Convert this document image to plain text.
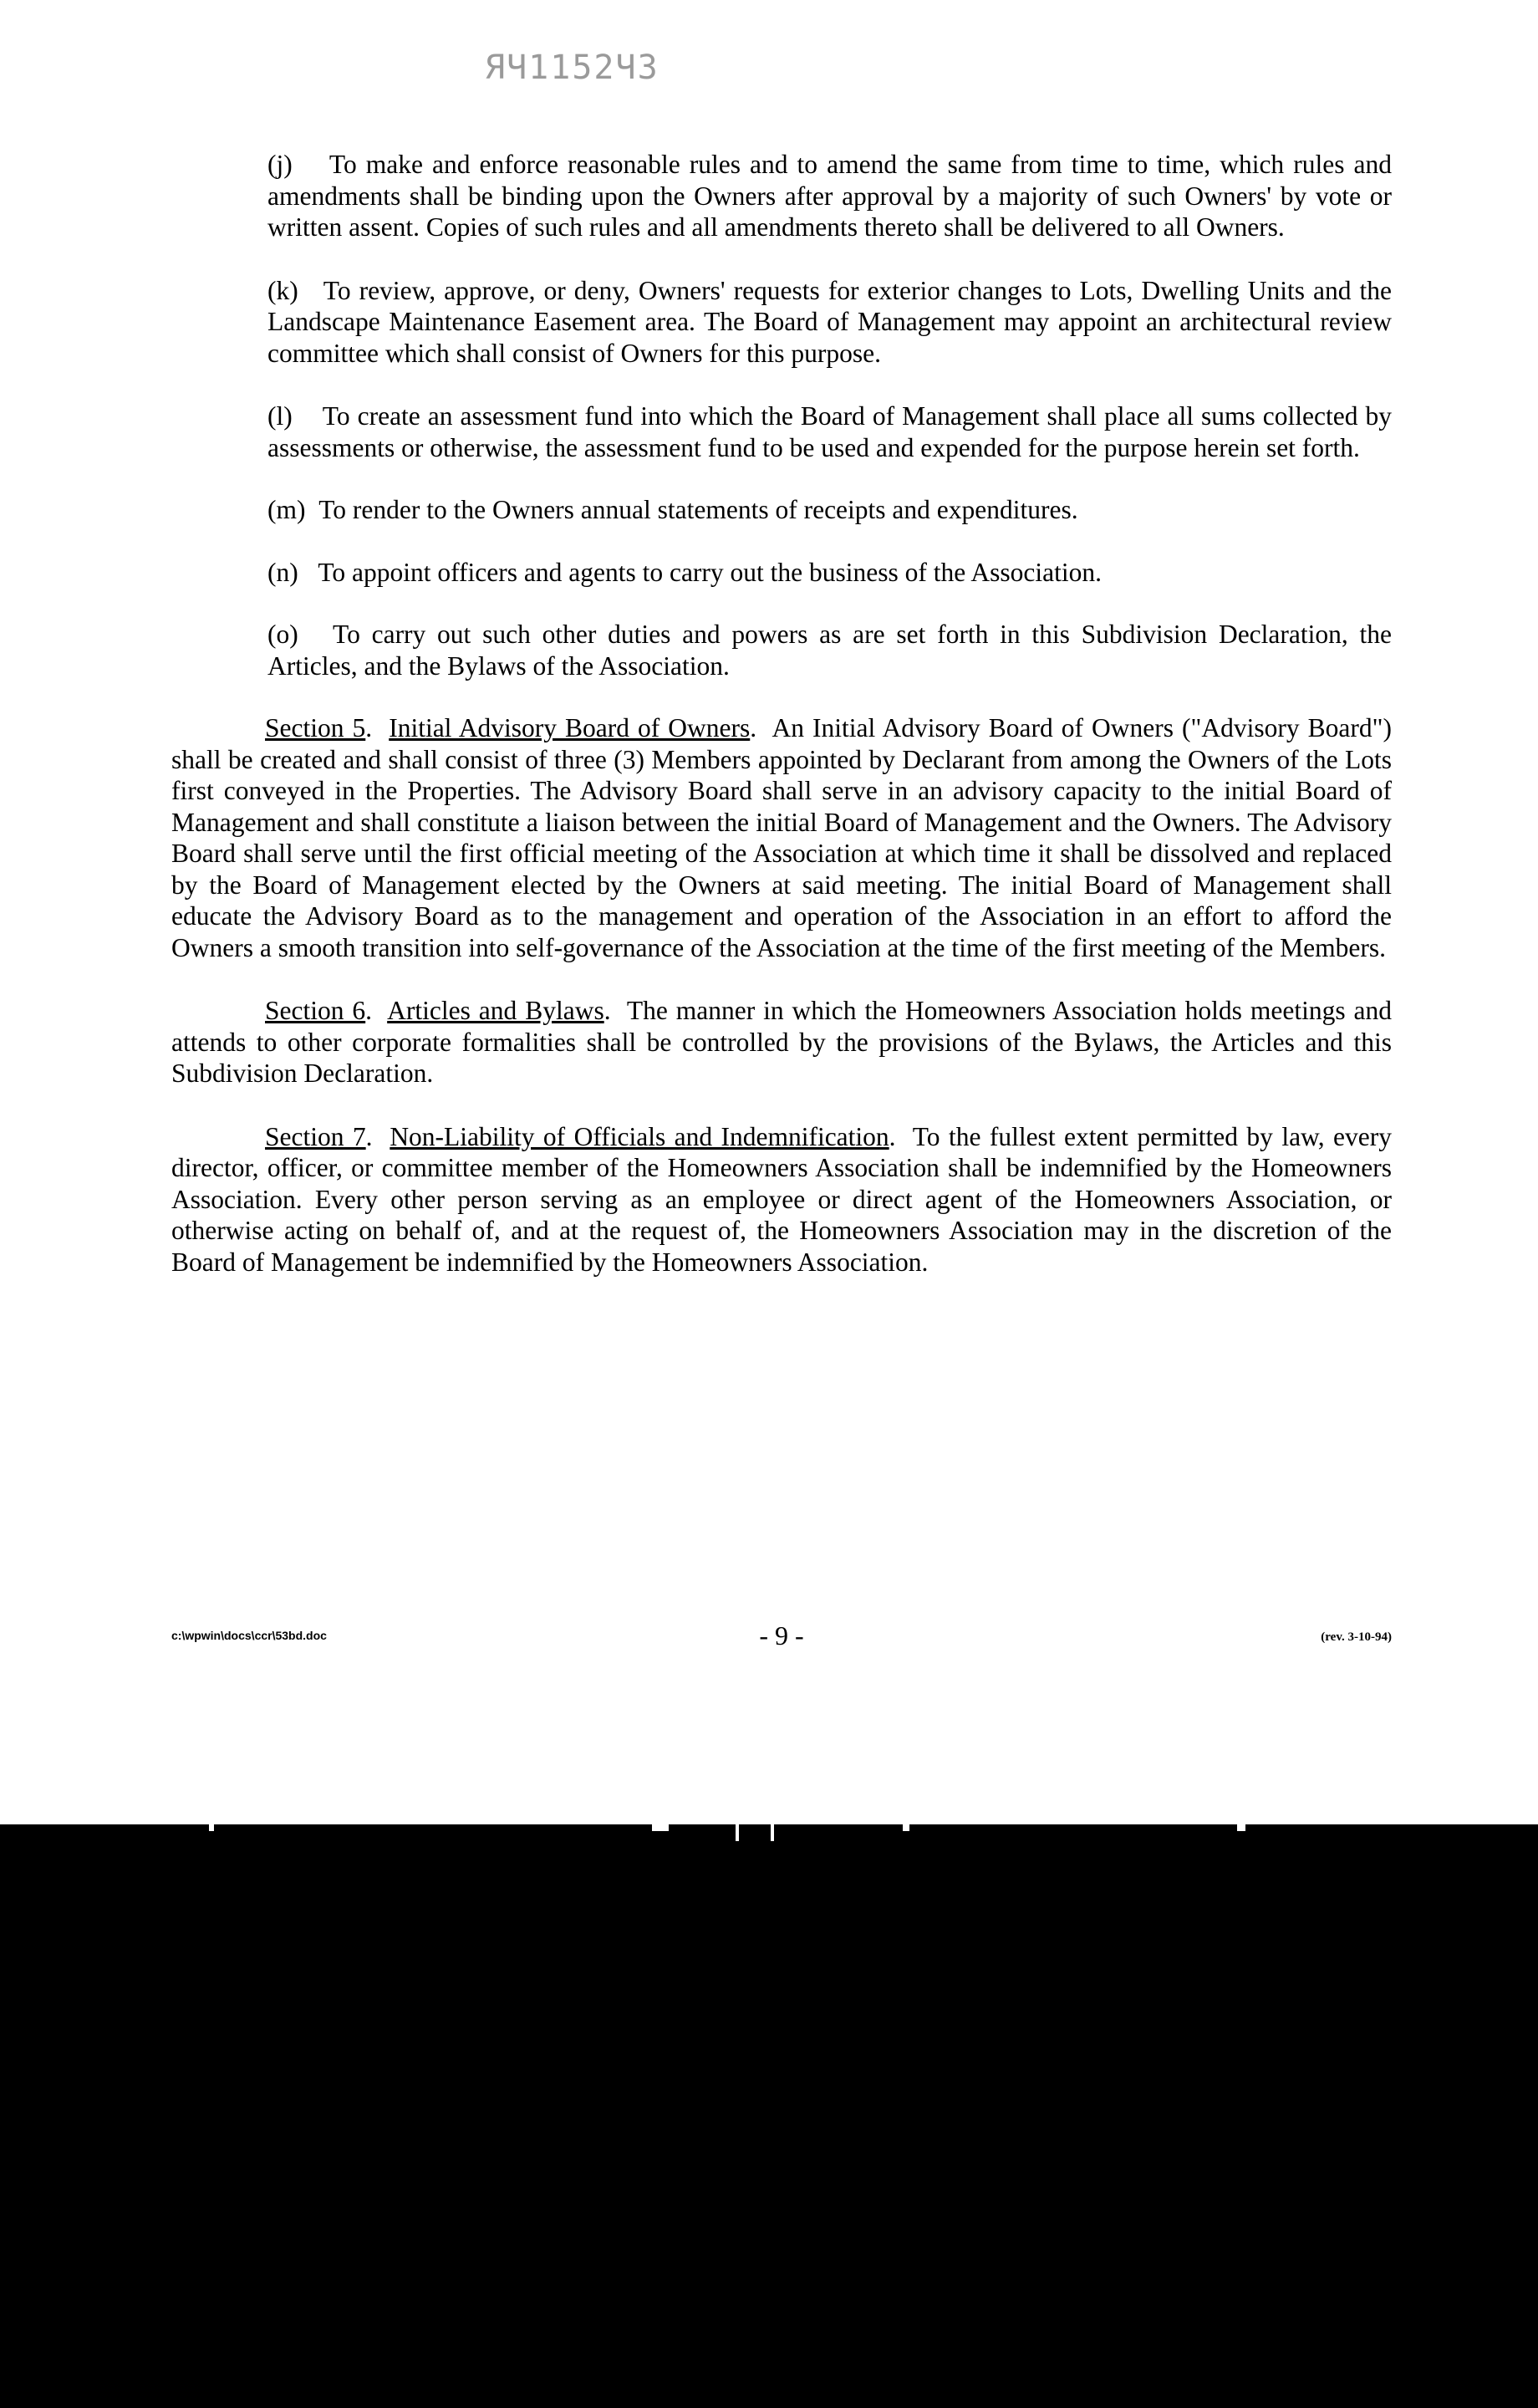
ЯЧ1152ЧЗ

(j)    To make and enforce reasonable rules and to amend the same from time to time, which rules and amendments shall be binding upon the Owners after approval by a majority of such Owners' by vote or written assent. Copies of such rules and all amendments thereto shall be delivered to all Owners.

(k)   To review, approve, or deny, Owners' requests for exterior changes to Lots, Dwelling Units and the Landscape Maintenance Easement area. The Board of Management may appoint an architectural review committee which shall consist of Owners for this purpose.

(l)    To create an assessment fund into which the Board of Management shall place all sums collected by assessments or otherwise, the assessment fund to be used and expended for the purpose herein set forth.

(m)  To render to the Owners annual statements of receipts and expenditures.

(n)   To appoint officers and agents to carry out the business of the Association.

(o)   To carry out such other duties and powers as are set forth in this Subdivision Declaration, the Articles, and the Bylaws of the Association.

Section 5.  Initial Advisory Board of Owners.  An Initial Advisory Board of Owners ("Advisory Board") shall be created and shall consist of three (3) Members appointed by Declarant from among the Owners of the Lots first conveyed in the Properties. The Advisory Board shall serve in an advisory capacity to the initial Board of Management and shall constitute a liaison between the initial Board of Management and the Owners. The Advisory Board shall serve until the first official meeting of the Association at which time it shall be dissolved and replaced by the Board of Management elected by the Owners at said meeting. The initial Board of Management shall educate the Advisory Board as to the management and operation of the Association in an effort to afford the Owners a smooth transition into self-governance of the Association at the time of the first meeting of the Members.

Section 6.  Articles and Bylaws.  The manner in which the Homeowners Association holds meetings and attends to other corporate formalities shall be controlled by the provisions of the Bylaws, the Articles and this Subdivision Declaration.

Section 7.  Non-Liability of Officials and Indemnification.  To the fullest extent permitted by law, every director, officer, or committee member of the Homeowners Association shall be indemnified by the Homeowners Association. Every other person serving as an employee or direct agent of the Homeowners Association, or otherwise acting on behalf of, and at the request of, the Homeowners Association may in the discretion of the Board of Management be indemnified by the Homeowners Association.

c:\wpwin\docs\ccr\53bd.doc	- 9 -	(rev. 3-10-94)
